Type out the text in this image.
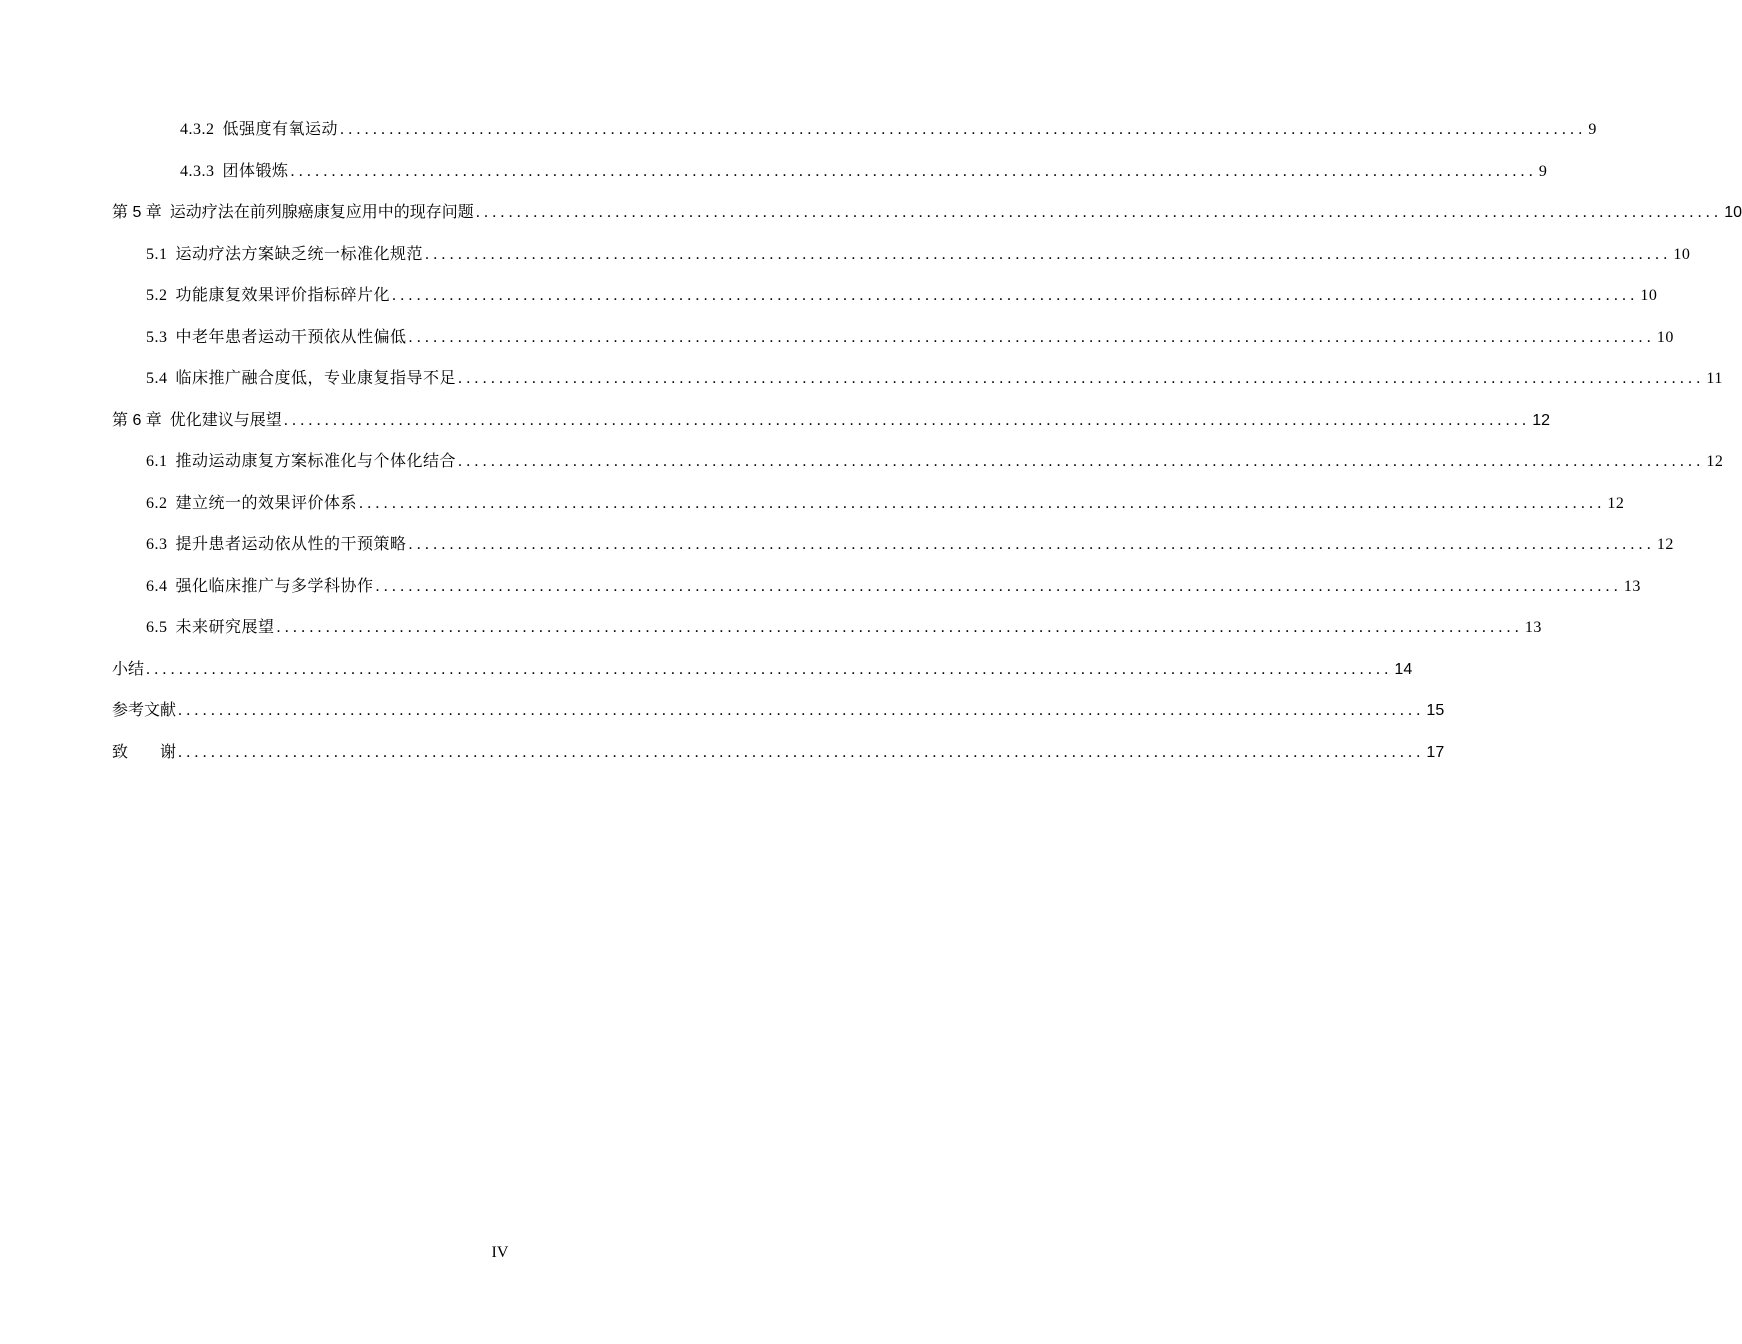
4.3.2 低强度有氧运动 ........................................................................................................................................................ 9
4.3.3 团体锻炼 ........................................................................................................................................................ 9
第 5 章 运动疗法在前列腺癌康复应用中的现存问题 ........................................................................................................................................................ 10
5.1 运动疗法方案缺乏统一标准化规范 ........................................................................................................................................................ 10
5.2 功能康复效果评价指标碎片化 ........................................................................................................................................................ 10
5.3 中老年患者运动干预依从性偏低 ........................................................................................................................................................ 10
5.4 临床推广融合度低，专业康复指导不足 ........................................................................................................................................................ 11
第 6 章 优化建议与展望 ........................................................................................................................................................ 12
6.1 推动运动康复方案标准化与个体化结合 ........................................................................................................................................................ 12
6.2 建立统一的效果评价体系 ........................................................................................................................................................ 12
6.3 提升患者运动依从性的干预策略 ........................................................................................................................................................ 12
6.4 强化临床推广与多学科协作 ........................................................................................................................................................ 13
6.5 未来研究展望 ........................................................................................................................................................ 13
小结 ........................................................................................................................................................ 14
参考文献 ........................................................................................................................................................ 15
致　　谢 ........................................................................................................................................................ 17
IV
